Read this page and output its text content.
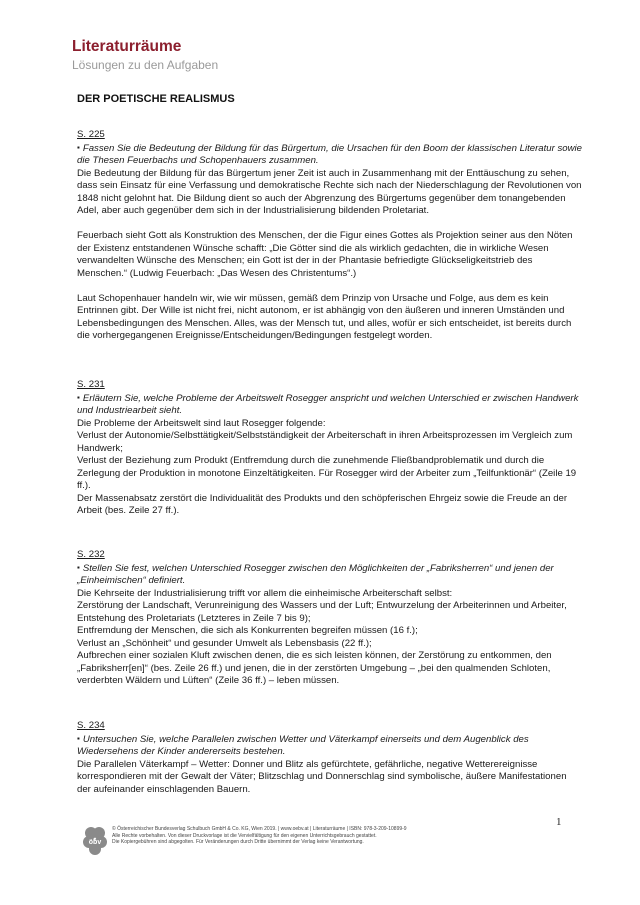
Literaturräume
Lösungen zu den Aufgaben
DER POETISCHE REALISMUS
S. 225
▪ Fassen Sie die Bedeutung der Bildung für das Bürgertum, die Ursachen für den Boom der klassischen Literatur sowie die Thesen Feuerbachs und Schopenhauers zusammen.

Die Bedeutung der Bildung für das Bürgertum jener Zeit ist auch in Zusammenhang mit der Enttäuschung zu sehen, dass sein Einsatz für eine Verfassung und demokratische Rechte sich nach der Niederschlagung der Revolutionen von 1848 nicht gelohnt hat. Die Bildung dient so auch der Abgrenzung des Bürgertums gegenüber dem tonangebenden Adel, aber auch gegenüber dem sich in der Industrialisierung bildenden Proletariat.

Feuerbach sieht Gott als Konstruktion des Menschen, der die Figur eines Gottes als Projektion seiner aus den Nöten der Existenz entstandenen Wünsche schafft: „Die Götter sind die als wirklich gedachten, die in wirkliche Wesen verwandelten Wünsche des Menschen; ein Gott ist der in der Phantasie befriedigte Glückseligkeitstrieb des Menschen.“ (Ludwig Feuerbach: „Das Wesen des Christentums“.)

Laut Schopenhauer handeln wir, wie wir müssen, gemäß dem Prinzip von Ursache und Folge, aus dem es kein Entrinnen gibt. Der Wille ist nicht frei, nicht autonom, er ist abhängig von den äußeren und inneren Umständen und Lebensbedingungen des Menschen. Alles, was der Mensch tut, und alles, wofür er sich entscheidet, ist bereits durch die vorhergegangenen Ereignisse/Entscheidungen/Bedingungen festgelegt worden.

S. 231
▪ Erläutern Sie, welche Probleme der Arbeitswelt Rosegger anspricht und welchen Unterschied er zwischen Handwerk und Industriearbeit sieht.
Die Probleme der Arbeitswelt sind laut Rosegger folgende:
Verlust der Autonomie/Selbsttätigkeit/Selbstständigkeit der Arbeiterschaft in ihren Arbeitsprozessen im Vergleich zum Handwerk;
Verlust der Beziehung zum Produkt (Entfremdung durch die zunehmende Fließbandproblematik und durch die Zerlegung der Produktion in monotone Einzeltätigkeiten. Für Rosegger wird der Arbeiter zum „Teilfunktionär“ (Zeile 19 ff.).
Der Massenabsatz zerstört die Individualität des Produkts und den schöpferischen Ehrgeiz sowie die Freude an der Arbeit (bes. Zeile 27 ff.).
S. 232
▪ Stellen Sie fest, welchen Unterschied Rosegger zwischen den Möglichkeiten der „Fabriksherren“ und jenen der „Einheimischen“ definiert.
Die Kehrseite der Industrialisierung trifft vor allem die einheimische Arbeiterschaft selbst:
Zerstörung der Landschaft, Verunreinigung des Wassers und der Luft; Entwurzelung der Arbeiterinnen und Arbeiter, Entstehung des Proletariats (Letzteres in Zeile 7 bis 9);
Entfremdung der Menschen, die sich als Konkurrenten begreifen müssen (16 f.);
Verlust an „Schönheit“ und gesunder Umwelt als Lebensbasis (22 ff.);
Aufbrechen einer sozialen Kluft zwischen denen, die es sich leisten können, der Zerstörung zu entkommen, den „Fabriksherr[en]“ (bes. Zeile 26 ff.) und jenen, die in der zerstörten Umgebung – „bei den qualmenden Schloten, verderbten Wäldern und Lüften“ (Zeile 36 ff.) – leben müssen.
S. 234
▪ Untersuchen Sie, welche Parallelen zwischen Wetter und Väterkampf einerseits und dem Augenblick des Wiedersehens der Kinder andererseits bestehen.
Die Parallelen Väterkampf – Wetter: Donner und Blitz als gefürchtete, gefährliche, negative Wetterereignisse korrespondieren mit der Gewalt der Väter; Blitzschlag und Donnerschlag sind symbolische, äußere Manifestationen der aufeinander einschlagenden Bauern.
1
öbv
© Österreichischer Bundesverlag Schulbuch GmbH & Co. KG, Wien 2019. | www.oebv.at | Literaturräume | ISBN: 978-3-209-10899-9
Alle Rechte vorbehalten. Von dieser Druckvorlage ist die Vervielfältigung für den eigenen Unterrichtsgebrauch gestattet.
Die Kopiergebühren sind abgegolten. Für Veränderungen durch Dritte übernimmt der Verlag keine Verantwortung.
